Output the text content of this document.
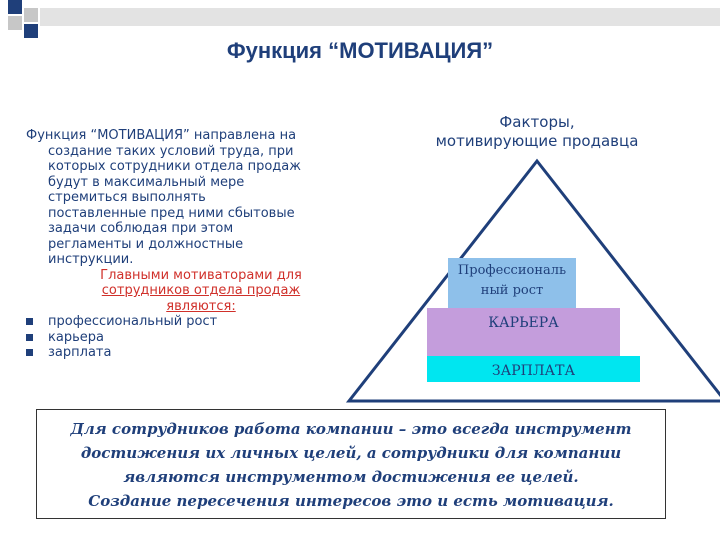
Функция “МОТИВАЦИЯ”
Функция “МОТИВАЦИЯ” направлена на
создание таких условий труда, при
которых сотрудники отдела продаж
будут в максимальный мере
стремиться выполнять
поставленные пред ними сбытовые
задачи соблюдая при этом
регламенты и должностные
инструкции.
Главными мотиваторами для
сотрудников отдела продаж
являются:
профессиональный рост
карьера
зарплата
Факторы,
мотивирующие продавца
Профессиональ
ный рост
КАРЬЕРА
ЗАРПЛАТА
Для сотрудников работа компании – это всегда инструмент
достижения их личных целей, а сотрудники для компании
являются инструментом достижения ее целей.
Создание пересечения интересов это и есть мотивация.
